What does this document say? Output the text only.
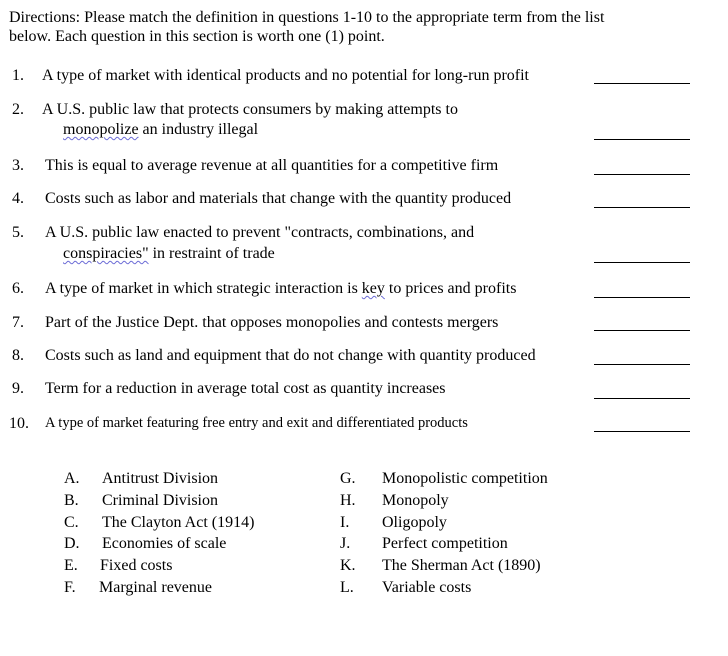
Directions: Please match the definition in questions 1-10 to the appropriate term from the list
below. Each question in this section is worth one (1) point.
1. A type of market with identical products and no potential for long-run profit
2. A U.S. public law that protects consumers by making attempts to
monopolize an industry illegal
3. This is equal to average revenue at all quantities for a competitive firm
4. Costs such as labor and materials that change with the quantity produced
5. A U.S. public law enacted to prevent "contracts, combinations, and
conspiracies" in restraint of trade
6. A type of market in which strategic interaction is key to prices and profits
7. Part of the Justice Dept. that opposes monopolies and contests mergers
8. Costs such as land and equipment that do not change with quantity produced
9. Term for a reduction in average total cost as quantity increases
10. A type of market featuring free entry and exit and differentiated products
A. Antitrust Division
B. Criminal Division
C. The Clayton Act (1914)
D. Economies of scale
E. Fixed costs
F. Marginal revenue
G. Monopolistic competition
H. Monopoly
I. Oligopoly
J. Perfect competition
K. The Sherman Act (1890)
L. Variable costs
